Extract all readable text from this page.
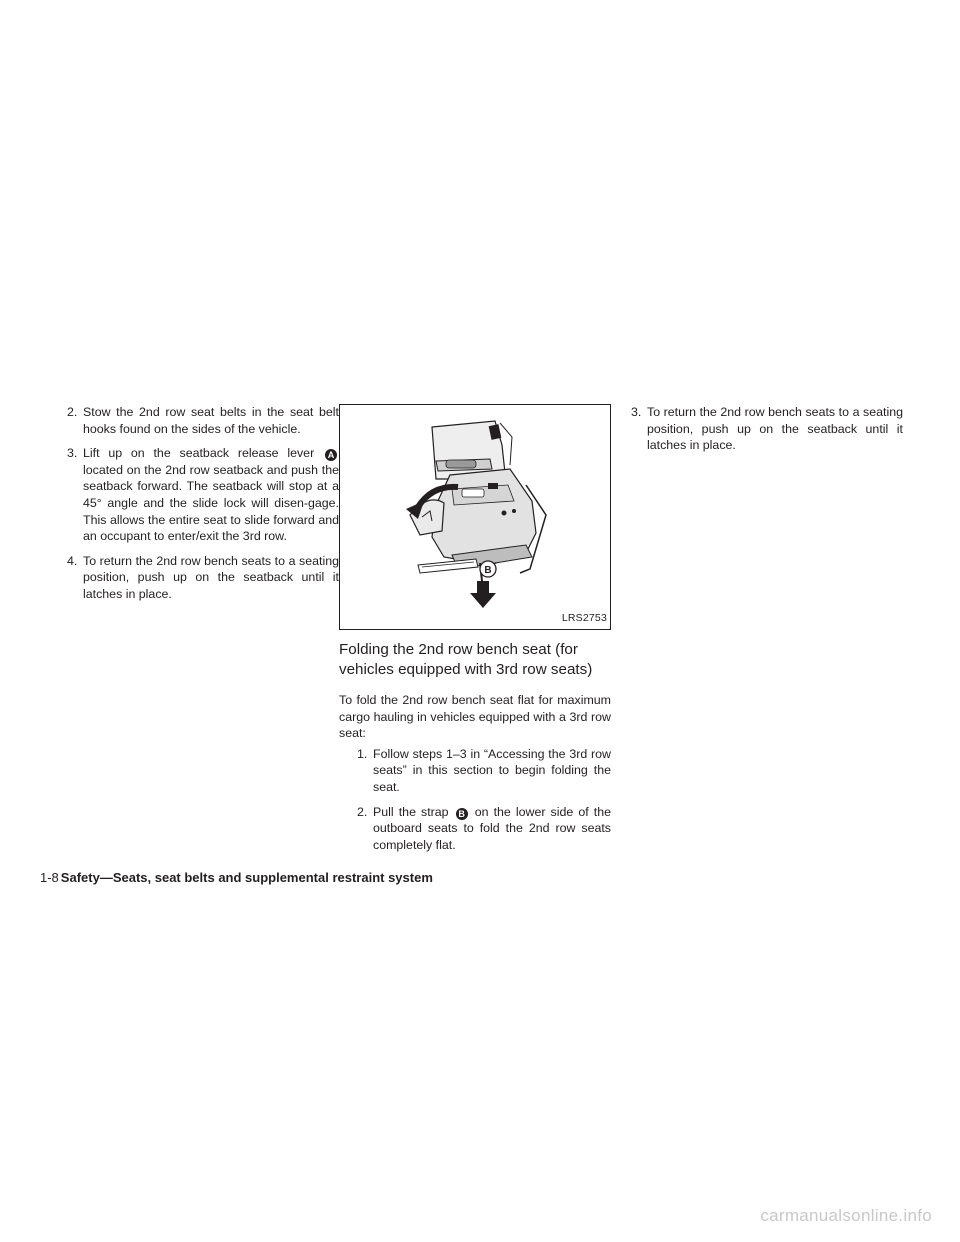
2. Stow the 2nd row seat belts in the seat belt hooks found on the sides of the vehicle.
3. Lift up on the seatback release lever A located on the 2nd row seatback and push the seatback forward. The seatback will stop at a 45° angle and the slide lock will disen-gage. This allows the entire seat to slide forward and an occupant to enter/exit the 3rd row.
4. To return the 2nd row bench seats to a seating position, push up on the seatback until it latches in place.
B
LRS2753
Folding the 2nd row bench seat (for vehicles equipped with 3rd row seats)

To fold the 2nd row bench seat flat for maximum cargo hauling in vehicles equipped with a 3rd row seat:

1. Follow steps 1–3 in “Accessing the 3rd row seats” in this section to begin folding the seat.
2. Pull the strap B on the lower side of the outboard seats to fold the 2nd row seats completely flat.
3. To return the 2nd row bench seats to a seating position, push up on the seatback until it latches in place.
1-8 Safety—Seats, seat belts and supplemental restraint system
carmanualsonline.info
